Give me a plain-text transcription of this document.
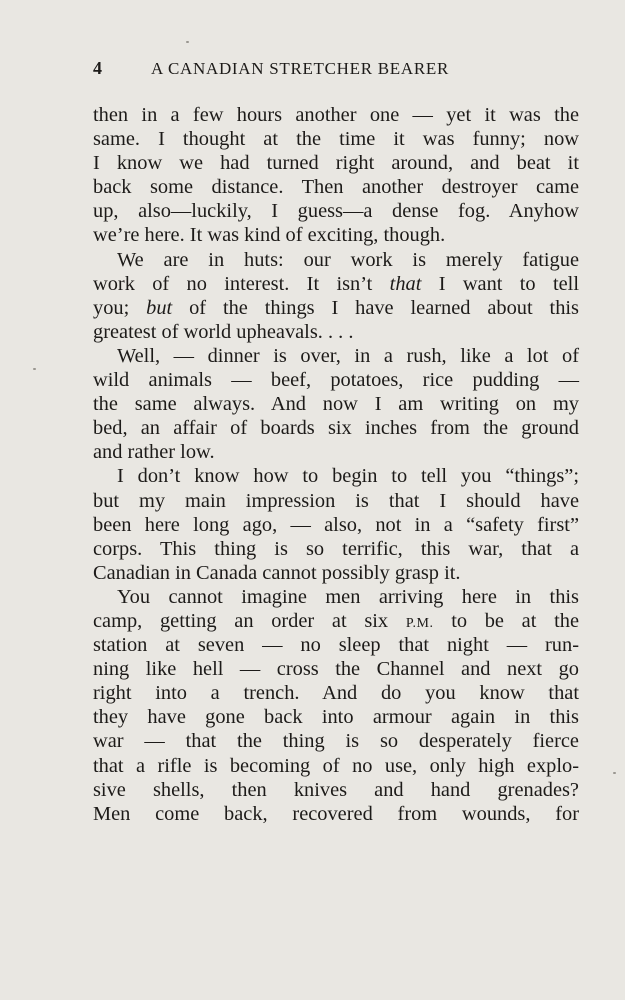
4	A CANADIAN STRETCHER BEARER
then in a few hours another one — yet it was the
same. I thought at the time it was funny; now
I know we had turned right around, and beat it
back some distance. Then another destroyer came
up, also—luckily, I guess—a dense fog. Anyhow
we’re here. It was kind of exciting, though.
We are in huts: our work is merely fatigue
work of no interest. It isn’t that I want to tell
you; but of the things I have learned about this
greatest of world upheavals. . . .
Well, — dinner is over, in a rush, like a lot of
wild animals — beef, potatoes, rice pudding —
the same always. And now I am writing on my
bed, an affair of boards six inches from the ground
and rather low.
I don’t know how to begin to tell you “things”;
but my main impression is that I should have
been here long ago, — also, not in a “safety first”
corps. This thing is so terrific, this war, that a
Canadian in Canada cannot possibly grasp it.
You cannot imagine men arriving here in this
camp, getting an order at six P.M. to be at the
station at seven — no sleep that night — run-
ning like hell — cross the Channel and next go
right into a trench. And do you know that
they have gone back into armour again in this
war — that the thing is so desperately fierce
that a rifle is becoming of no use, only high explo-
sive shells, then knives and hand grenades?
Men come back, recovered from wounds, for
